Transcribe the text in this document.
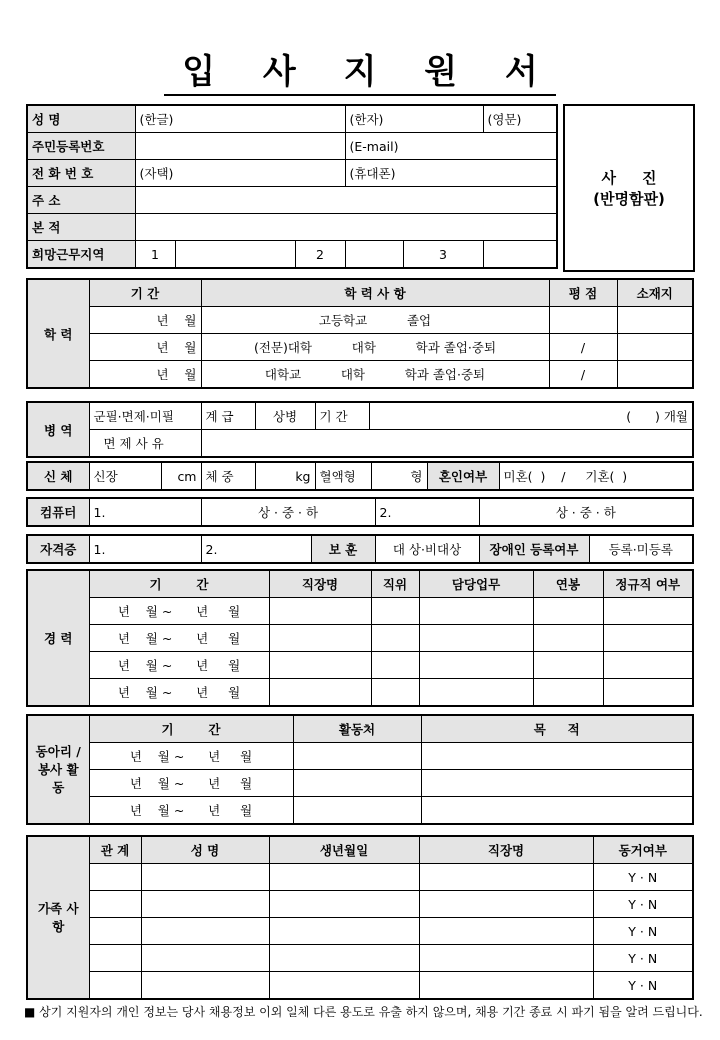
입 사 지 원 서
성 명	(한글)			(한자)		(영문)
주민등록번호				(E-mail)		
전 화 번 호	(자택)			(휴대폰)		
주 소						
본 적						
희망근무지역	1		2		3	
사     진
(반명함판)
학 력	기 간	학 력 사 항	평 점	소재지
	년    월	고등학교          졸업		
	년    월	(전문)대학          대학          학과 졸업·중퇴	/	
	년    월	대학교          대학          학과 졸업·중퇴	/	
병 역	군필·면제·미필	계 급	상병	기 간	(      ) 개월
	면 제 사 유				
신 체	신장	cm	체 중	kg	혈액형	형	혼인여부	미혼(  )    /     기혼(  )
컴퓨터	1.	상 · 중 · 하	2.	상 · 중 · 하
자격증	1.	2.	보 훈	대 상·비대상	장애인 등록여부	등록·미등록
경 력	기        간	직장명	직위	담당업무	연봉	정규직 여부
	년    월 ~      년     월					
	년    월 ~      년     월					
	년    월 ~      년     월					
	년    월 ~      년     월					
동아리 /봉사 활동	기        간	활동처	목     적
	년    월 ~      년     월		
	년    월 ~      년     월		
	년    월 ~      년     월		
가족 사항	관 계	성 명	생년월일	직장명	동거여부
					Y · N
					Y · N
					Y · N
					Y · N
					Y · N
■ 상기 지원자의 개인 정보는 당사 채용정보 이외 일체 다른 용도로 유출 하지 않으며, 채용 기간 종료 시 파기 됨을 알려 드립니다.
